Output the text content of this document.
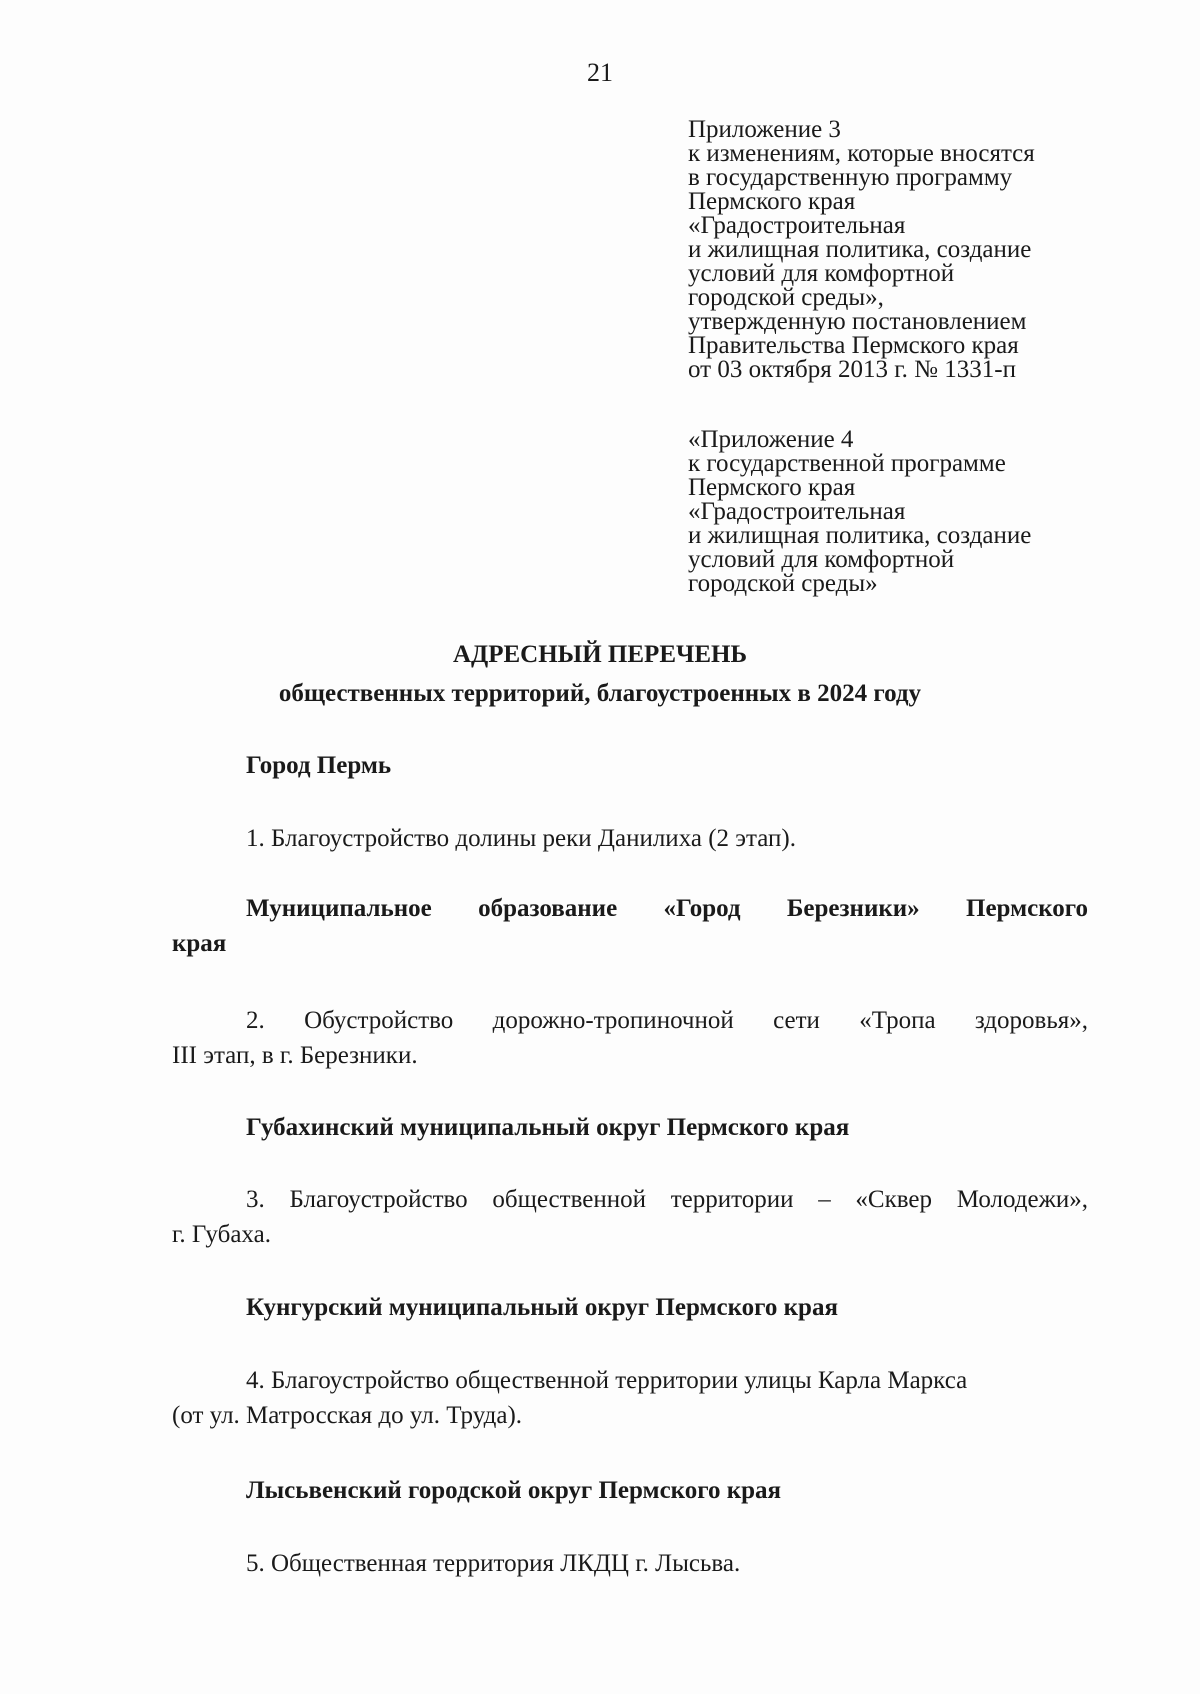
21
Приложение 3
к изменениям, которые вносятся
в государственную программу
Пермского края
«Градостроительная
и жилищная политика, создание
условий для комфортной
городской среды»,
утвержденную постановлением
Правительства Пермского края
от 03 октября 2013 г. № 1331-п
«Приложение 4
к государственной программе
Пермского края
«Градостроительная
и жилищная политика, создание
условий для комфортной
городской среды»
АДРЕСНЫЙ ПЕРЕЧЕНЬ
общественных территорий, благоустроенных в 2024 году
Город Пермь
1. Благоустройство долины реки Данилиха (2 этап).
Муниципальное образование «Город Березники» Пермского
края
2. Обустройство дорожно-тропиночной сети «Тропа здоровья»,
III этап, в г. Березники.
Губахинский муниципальный округ Пермского края
3. Благоустройство общественной территории – «Сквер Молодежи»,
г. Губаха.
Кунгурский муниципальный округ Пермского края
4. Благоустройство общественной территории улицы Карла Маркса
(от ул. Матросская до ул. Труда).
Лысьвенский городской округ Пермского края
5. Общественная территория ЛКДЦ г. Лысьва.
